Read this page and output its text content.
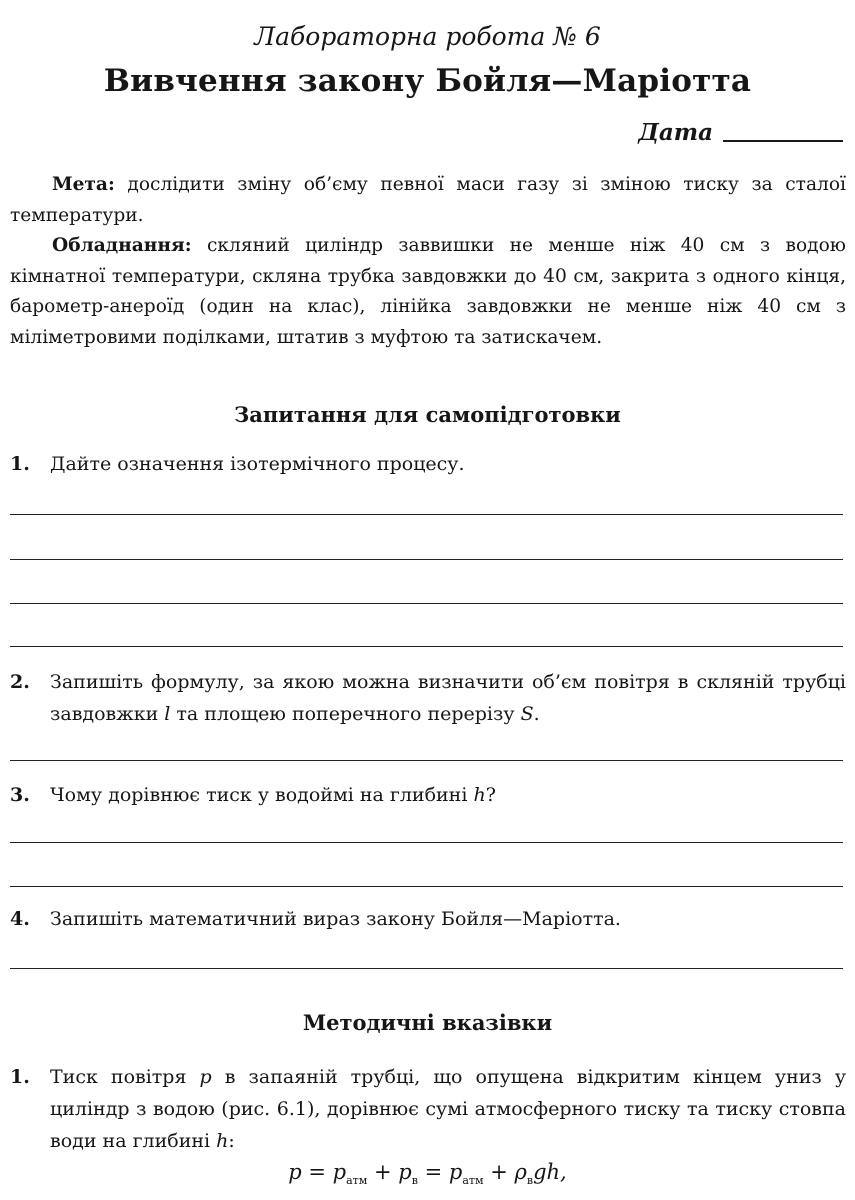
Лабораторна робота № 6
Вивчення закону Бойля—Маріотта
Дата

Мета: дослідити зміну об’єму певної маси газу зі зміною тиску за сталої температури.

Обладнання: скляний циліндр заввишки не менше ніж 40 см з водою кімнатної температури, скляна трубка завдовжки до 40 см, закрита з одного кінця, барометр-анероїд (один на клас), лінійка завдовжки не менше ніж 40 см з міліметровими поділками, штатив з муфтою та затискачем.

Запитання для самопідготовки
1.	Дайте означення ізотермічного процесу.
2.	Запишіть формулу, за якою можна визначити об’єм повітря в скляній трубці завдовжки l та площею поперечного перерізу S.
3.	Чому дорівнює тиск у водоймі на глибині h?
4.	Запишіть математичний вираз закону Бойля—Маріотта.
Методичні вказівки
1.	Тиск повітря p в запаяній трубці, що опущена відкритим кінцем униз у циліндр з водою (рис. 6.1), дорівнює сумі атмосферного тиску та тиску стовпа води на глибині h:
$p = p_{атм} + p_в = p_{атм} + \rho_вgh$,
